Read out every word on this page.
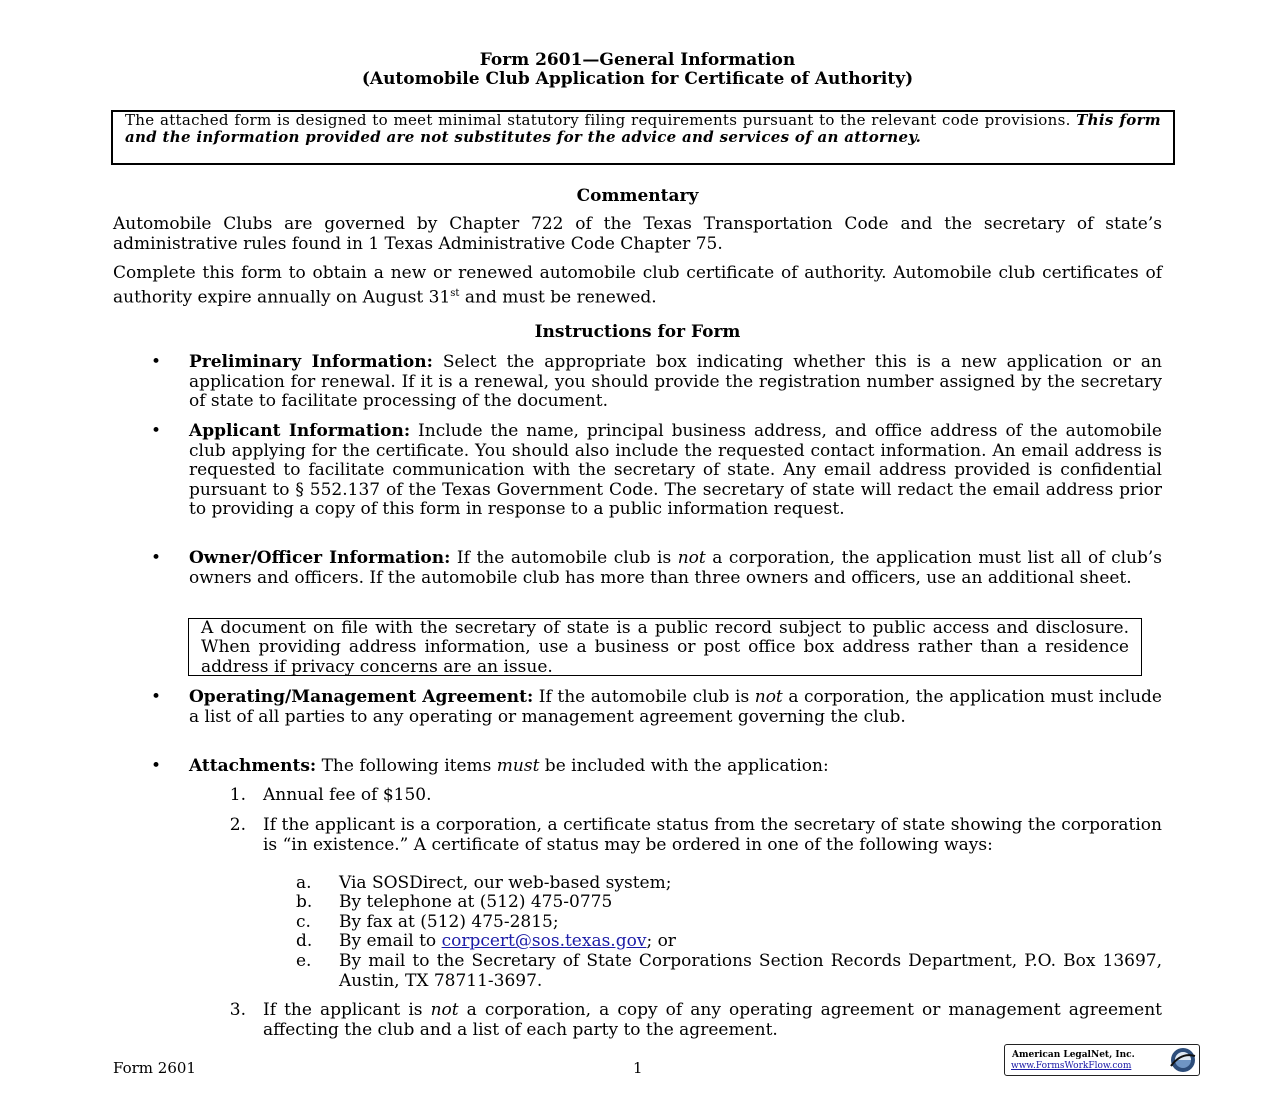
Form 2601—General Information
(Automobile Club Application for Certificate of Authority)
The attached form is designed to meet minimal statutory filing requirements pursuant to the relevant code provisions. This form and the information provided are not substitutes for the advice and services of an attorney.
Commentary
Automobile Clubs are governed by Chapter 722 of the Texas Transportation Code and the secretary of state’s administrative rules found in 1 Texas Administrative Code Chapter 75.
Complete this form to obtain a new or renewed automobile club certificate of authority. Automobile club certificates of authority expire annually on August 31st and must be renewed.
Instructions for Form
• Preliminary Information: Select the appropriate box indicating whether this is a new application or an application for renewal. If it is a renewal, you should provide the registration number assigned by the secretary of state to facilitate processing of the document.
• Applicant Information: Include the name, principal business address, and office address of the automobile club applying for the certificate. You should also include the requested contact information. An email address is requested to facilitate communication with the secretary of state. Any email address provided is confidential pursuant to § 552.137 of the Texas Government Code. The secretary of state will redact the email address prior to providing a copy of this form in response to a public information request.
• Owner/Officer Information: If the automobile club is not a corporation, the application must list all of club’s owners and officers. If the automobile club has more than three owners and officers, use an additional sheet.
A document on file with the secretary of state is a public record subject to public access and disclosure. When providing address information, use a business or post office box address rather than a residence address if privacy concerns are an issue.
• Operating/Management Agreement: If the automobile club is not a corporation, the application must include a list of all parties to any operating or management agreement governing the club.
• Attachments: The following items must be included with the application:
1. Annual fee of $150.
2. If the applicant is a corporation, a certificate status from the secretary of state showing the corporation is “in existence.” A certificate of status may be ordered in one of the following ways:
a.	Via SOSDirect, our web-based system;
b.	By telephone at (512) 475-0775
c.	By fax at (512) 475-2815;
d.	By email to corpcert@sos.texas.gov; or
e.	By mail to the Secretary of State Corporations Section Records Department, P.O. Box 13697, Austin, TX 78711-3697.
3. If the applicant is not a corporation, a copy of any operating agreement or management agreement affecting the club and a list of each party to the agreement.
Form 2601	1
American LegalNet, Inc.
www.FormsWorkFlow.com
